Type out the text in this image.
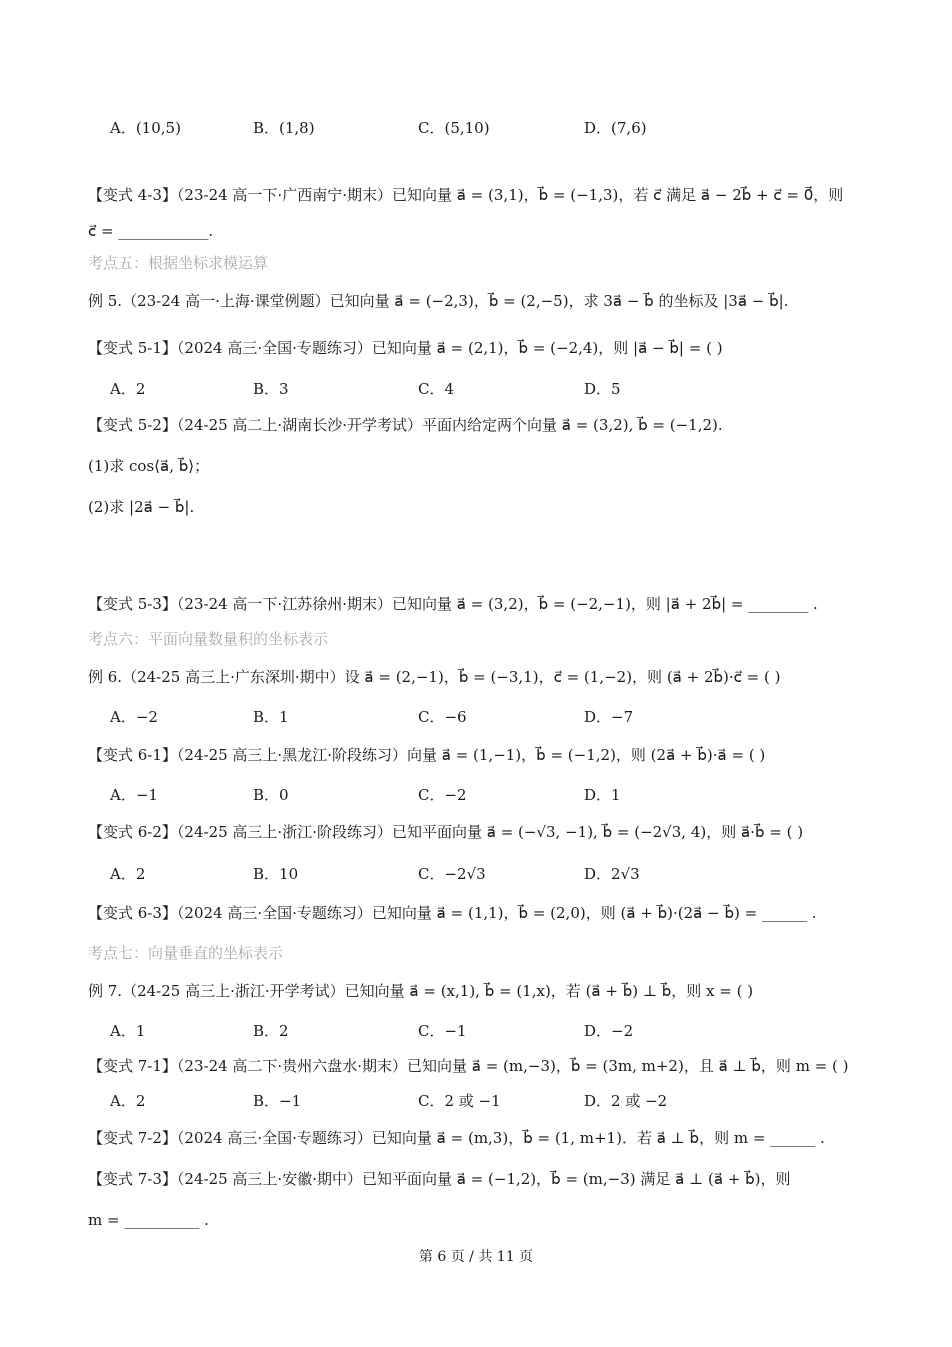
A．(10,5)	B．(1,8)	C．(5,10)	D．(7,6)
【变式 4-3】（23-24 高一下·广西南宁·期末）已知向量 a⃗ = (3,1)，b⃗ = (−1,3)，若 c⃗ 满足 a⃗ − 2b⃗ + c⃗ = 0⃗，则
c⃗ = ____________.
考点五：根据坐标求模运算
例 5.（23-24 高一·上海·课堂例题）已知向量 a⃗ = (−2,3)，b⃗ = (2,−5)，求 3a⃗ − b⃗ 的坐标及 |3a⃗ − b⃗|.
【变式 5-1】（2024 高三·全国·专题练习）已知向量 a⃗ = (2,1)，b⃗ = (−2,4)，则 |a⃗ − b⃗| = ( )
A．2	B．3	C．4	D．5
【变式 5-2】（24-25 高二上·湖南长沙·开学考试）平面内给定两个向量 a⃗ = (3,2), b⃗ = (−1,2).
(1)求 cos⟨a⃗, b⃗⟩；
(2)求 |2a⃗ − b⃗|.
【变式 5-3】（23-24 高一下·江苏徐州·期末）已知向量 a⃗ = (3,2)，b⃗ = (−2,−1)，则 |a⃗ + 2b⃗| = ________ .
考点六：平面向量数量积的坐标表示
例 6.（24-25 高三上·广东深圳·期中）设 a⃗ = (2,−1)，b⃗ = (−3,1)，c⃗ = (1,−2)，则 (a⃗ + 2b⃗)·c⃗ = ( )
A．−2	B．1	C．−6	D．−7
【变式 6-1】（24-25 高三上·黑龙江·阶段练习）向量 a⃗ = (1,−1)，b⃗ = (−1,2)，则 (2a⃗ + b⃗)·a⃗ = ( )
A．−1	B．0	C．−2	D．1
【变式 6-2】（24-25 高三上·浙江·阶段练习）已知平面向量 a⃗ = (−√3, −1), b⃗ = (−2√3, 4)，则 a⃗·b⃗ = ( )
A．2	B．10	C．−2√3	D．2√3
【变式 6-3】（2024 高三·全国·专题练习）已知向量 a⃗ = (1,1)，b⃗ = (2,0)，则 (a⃗ + b⃗)·(2a⃗ − b⃗) = ______ .
考点七：向量垂直的坐标表示
例 7.（24-25 高三上·浙江·开学考试）已知向量 a⃗ = (x,1), b⃗ = (1,x)，若 (a⃗ + b⃗) ⊥ b⃗，则 x = ( )
A．1	B．2	C．−1	D．−2
【变式 7-1】（23-24 高二下·贵州六盘水·期末）已知向量 a⃗ = (m,−3)，b⃗ = (3m, m+2)，且 a⃗ ⊥ b⃗，则 m = ( )
A．2	B．−1	C．2 或 −1	D．2 或 −2
【变式 7-2】（2024 高三·全国·专题练习）已知向量 a⃗ = (m,3)，b⃗ = (1, m+1)．若 a⃗ ⊥ b⃗，则 m = ______ .
【变式 7-3】（24-25 高三上·安徽·期中）已知平面向量 a⃗ = (−1,2)，b⃗ = (m,−3) 满足 a⃗ ⊥ (a⃗ + b⃗)，则
m = __________ .
第 6 页 / 共 11 页
